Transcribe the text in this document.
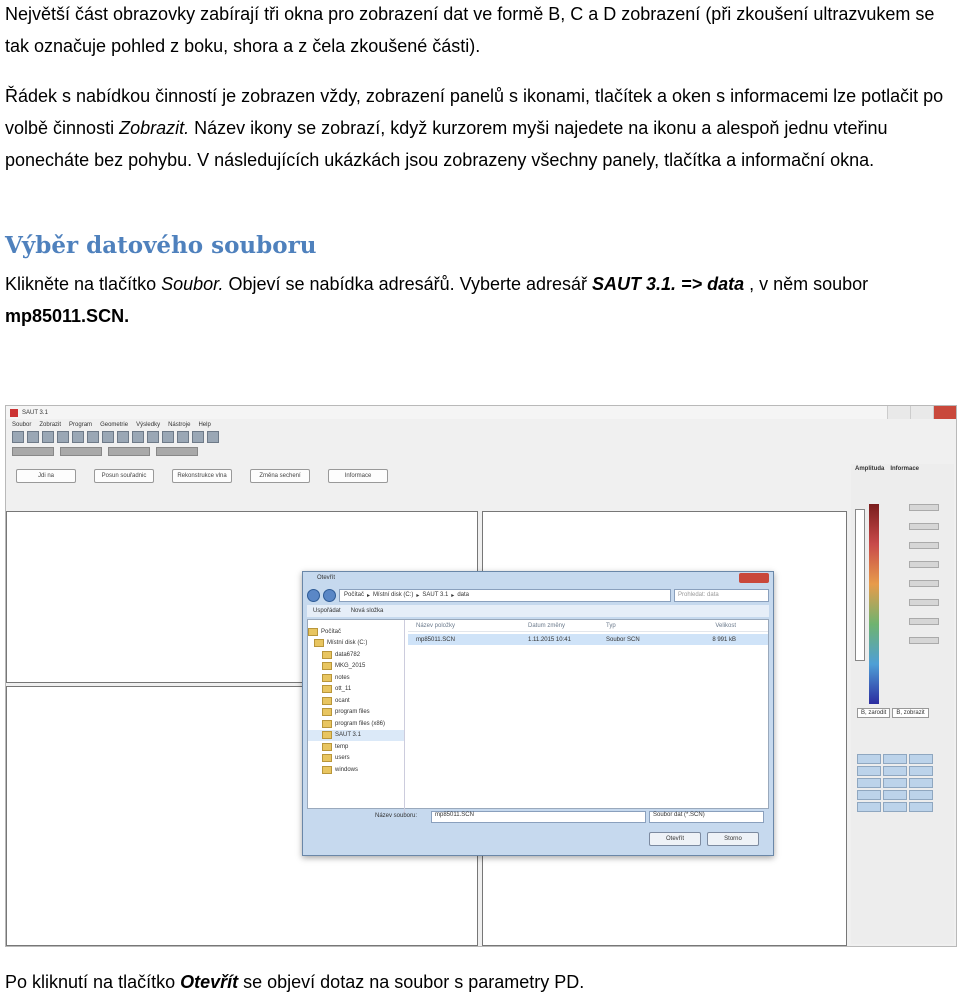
Největší část obrazovky zabírají tři okna pro zobrazení dat ve formě B, C a D zobrazení (při zkoušení ultrazvukem se tak označuje pohled z boku, shora a z čela zkoušené části).

Řádek s nabídkou činností je zobrazen vždy, zobrazení panelů s ikonami, tlačítek a oken s informacemi lze potlačit po volbě činnosti Zobrazit. Název ikony se zobrazí, když kurzorem myši najedete na ikonu a alespoň jednu vteřinu ponecháte bez pohybu. V následujících ukázkách jsou zobrazeny všechny panely, tlačítka a informační okna.

Výběr datového souboru

Klikněte na tlačítko Soubor. Objeví se nabídka adresářů. Vyberte adresář SAUT 3.1. => data , v něm soubor mp85011.SCN.

Po kliknutí na tlačítko Otevřít se objeví dotaz na soubor s parametry PD.

SAUT 3.1
Soubor Zobrazit Program Geometrie Výsledky Nástroje Help
Jdi na	Posun souřadnic	Rekonstrukce vlna	Změna sechení	Informace
Amplituda Informace
B, zarodit	B, zobrazit
Otevřít
Počítač ▸ Místní disk (C:) ▸ SAUT 3.1 ▸ data	Prohledat: data
Uspořádat Nová složka
Počítač
Místní disk (C:)
data6782
MKG_2015
notes
ott_11
ocant
program files
program files (x86)
SAUT 3.1
temp
users
windows
Název položky	Datum změny	Typ	Velikost
mp85011.SCN	1.11.2015 10:41	Soubor SCN	8 991 kB
Název souboru:	mp85011.SCN	Soubor dat (*.SCN)
Otevřít	Storno
